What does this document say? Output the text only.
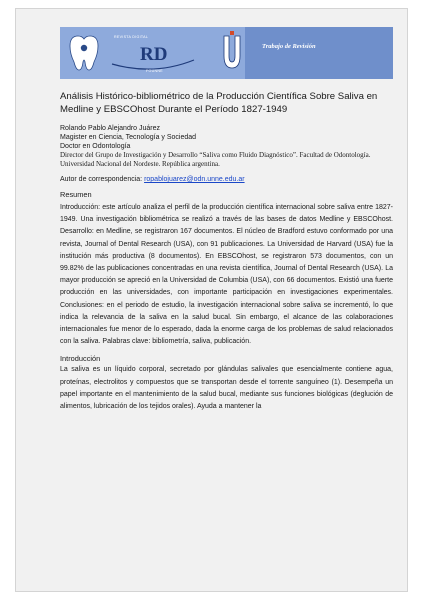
RD
REVISTA DIGITAL
FOUNNE
Trabajo de Revisión
Análisis Histórico-bibliométrico de la Producción Científica Sobre Saliva en Medline y EBSCOhost Durante el Período 1827-1949
Rolando Pablo Alejandro Juárez
Magister en Ciencia, Tecnología y Sociedad
Doctor en Odontología
Director del Grupo de Investigación y Desarrollo “Saliva como Fluido Diagnóstico”. Facultad de Odontología. Universidad Nacional del Nordeste. República argentina.
Autor de correspondencia: ropablojuarez@odn.unne.edu.ar
Resumen
Introducción: este artículo analiza el perfil de la producción científica internacional sobre saliva entre 1827-1949. Una investigación bibliométrica se realizó a través de las bases de datos Medline y EBSCOhost. Desarrollo: en Medline, se registraron 167 documentos. El núcleo de Bradford estuvo conformado por una revista, Journal of Dental Research (USA), con 91 publicaciones. La Universidad de Harvard (USA) fue la institución más productiva (8 documentos). En EBSCOhost, se registraron 573 documentos, con un 99.82% de las publicaciones concentradas en una revista científica, Journal of Dental Research (USA). La mayor producción se apreció en la Universidad de Columbia (USA), con 66 documentos. Existió una fuerte producción en las universidades, con importante participación en investigaciones experimentales. Conclusiones: en el periodo de estudio, la investigación internacional sobre saliva se incrementó, lo que indica la relevancia de la saliva en la salud bucal. Sin embargo, el alcance de las colaboraciones internacionales fue menor de lo esperado, dada la enorme carga de los problemas de salud relacionados con la saliva. Palabras clave: bibliometría, saliva, publicación.
Introducción
La saliva es un líquido corporal, secretado por glándulas salivales que esencialmente contiene agua, proteínas, electrolitos y compuestos que se transportan desde el torrente sanguíneo (1). Desempeña un papel importante en el mantenimiento de la salud bucal, mediante sus funciones biológicas (deglución de alimentos, lubricación de los tejidos orales). Ayuda a mantener la
